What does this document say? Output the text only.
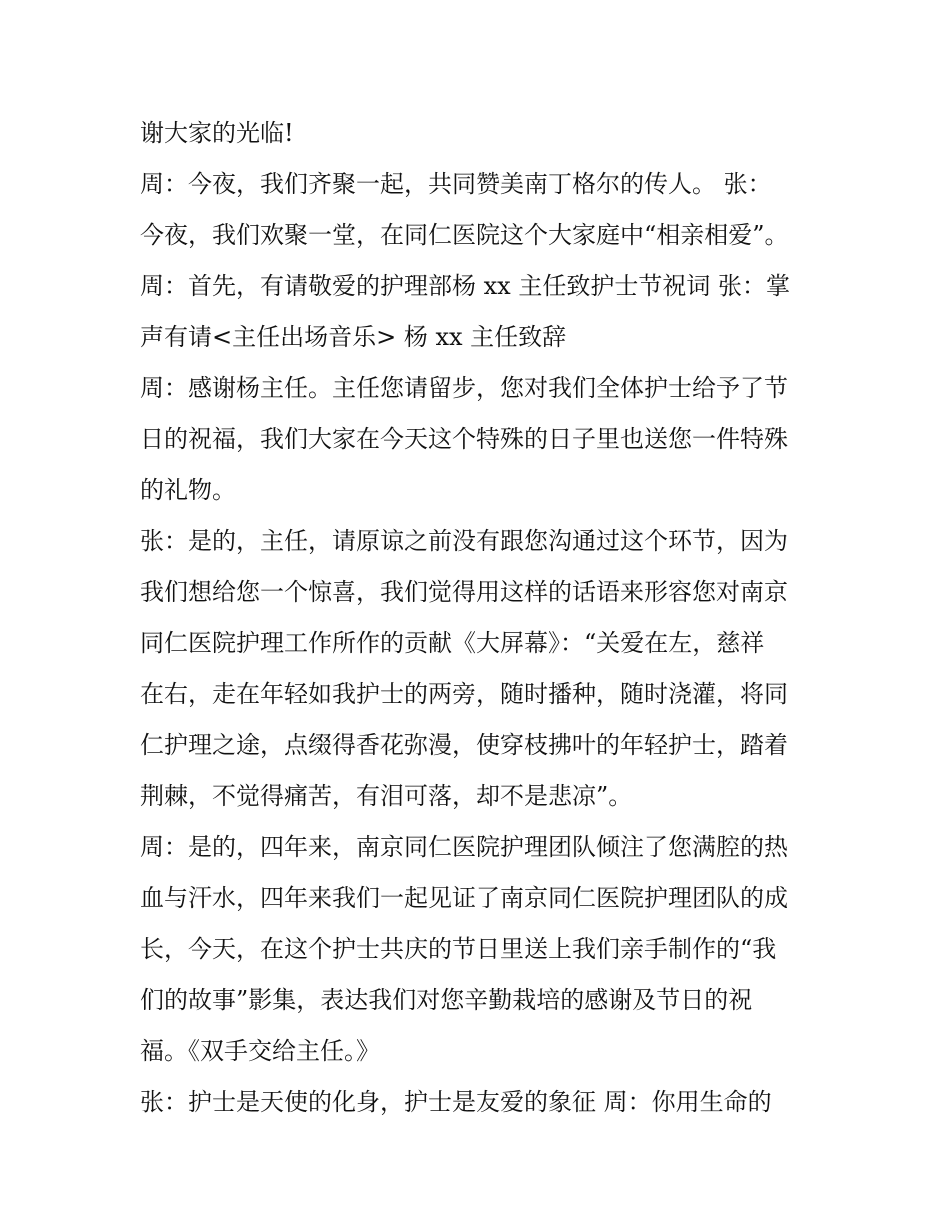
谢大家的光临!
周：今夜，我们齐聚一起，共同赞美南丁格尔的传人。 张：
今夜，我们欢聚一堂，在同仁医院这个大家庭中“相亲相爱”。
周：首先，有请敬爱的护理部杨 xx 主任致护士节祝词 张：掌
声有请<主任出场音乐> 杨 xx 主任致辞
周：感谢杨主任。主任您请留步，您对我们全体护士给予了节
日的祝福，我们大家在今天这个特殊的日子里也送您一件特殊
的礼物。
张：是的，主任，请原谅之前没有跟您沟通过这个环节，因为
我们想给您一个惊喜，我们觉得用这样的话语来形容您对南京
同仁医院护理工作所作的贡献《大屏幕》：“关爱在左，慈祥
在右，走在年轻如我护士的两旁，随时播种，随时浇灌，将同
仁护理之途，点缀得香花弥漫，使穿枝拂叶的年轻护士，踏着
荆棘，不觉得痛苦，有泪可落，却不是悲凉”。
周：是的，四年来，南京同仁医院护理团队倾注了您满腔的热
血与汗水，四年来我们一起见证了南京同仁医院护理团队的成
长，今天，在这个护士共庆的节日里送上我们亲手制作的“我
们的故事”影集，表达我们对您辛勤栽培的感谢及节日的祝
福。《双手交给主任。》
张：护士是天使的化身，护士是友爱的象征 周：你用生命的
